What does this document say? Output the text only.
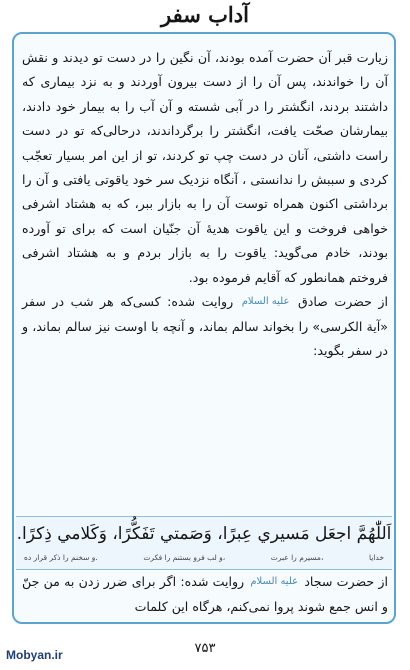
آداب سفر

زیارت قبر آن حضرت آمده بودند، آن نگین را در دست تو دیدند و نقش آن را خواندند، پس آن را از دست بیرون آوردند و به نزد بیماری که داشتند بردند، انگشتر را در آبی شسته و آن آب را به بیمار خود دادند، بیمارشان صحّت یافت، انگشتر را برگرداندند، درحالی‌که تو در دست راست داشتی، آنان در دست چپ تو کردند، تو از این امر بسیار تعجّب کردی و سببش را ندانستی ، آنگاه نزدیک سر خود یاقوتی یافتی و آن را برداشتی اکنون همراه توست آن را به بازار ببر، که به هشتاد اشرفی خواهی فروخت و این یاقوت هدیۀ آن جنّیان است که برای تو آورده بودند، خادم می‌گوید: یاقوت را به بازار بردم و به هشتاد اشرفی فروختم همانطور که آقایم فرموده بود.

از حضرت صادق علیه السلام روایت شده: کسی‌که هر شب در سفر «آیة الکرسی» را بخواند سالم بماند، و آنچه با اوست نیز سالم بماند، و در سفر بگوید:

اَللّٰهُمَّ اجعَل مَسيري عِبرًا، وَصَمتي تَفَكُّرًا، وَكَلامي ذِكرًا.

خدایا
مسیرم را عبرت،
و لب فرو بستنم را فکرت،
و سخنم را ذکر قرار ده.

از حضرت سجاد علیه السلام روایت شده: اگر برای ضرر زدن به من جنّ و انس جمع شوند پروا نمی‌کنم، هرگاه این کلمات

۷۵۳

Mobyan.ir
